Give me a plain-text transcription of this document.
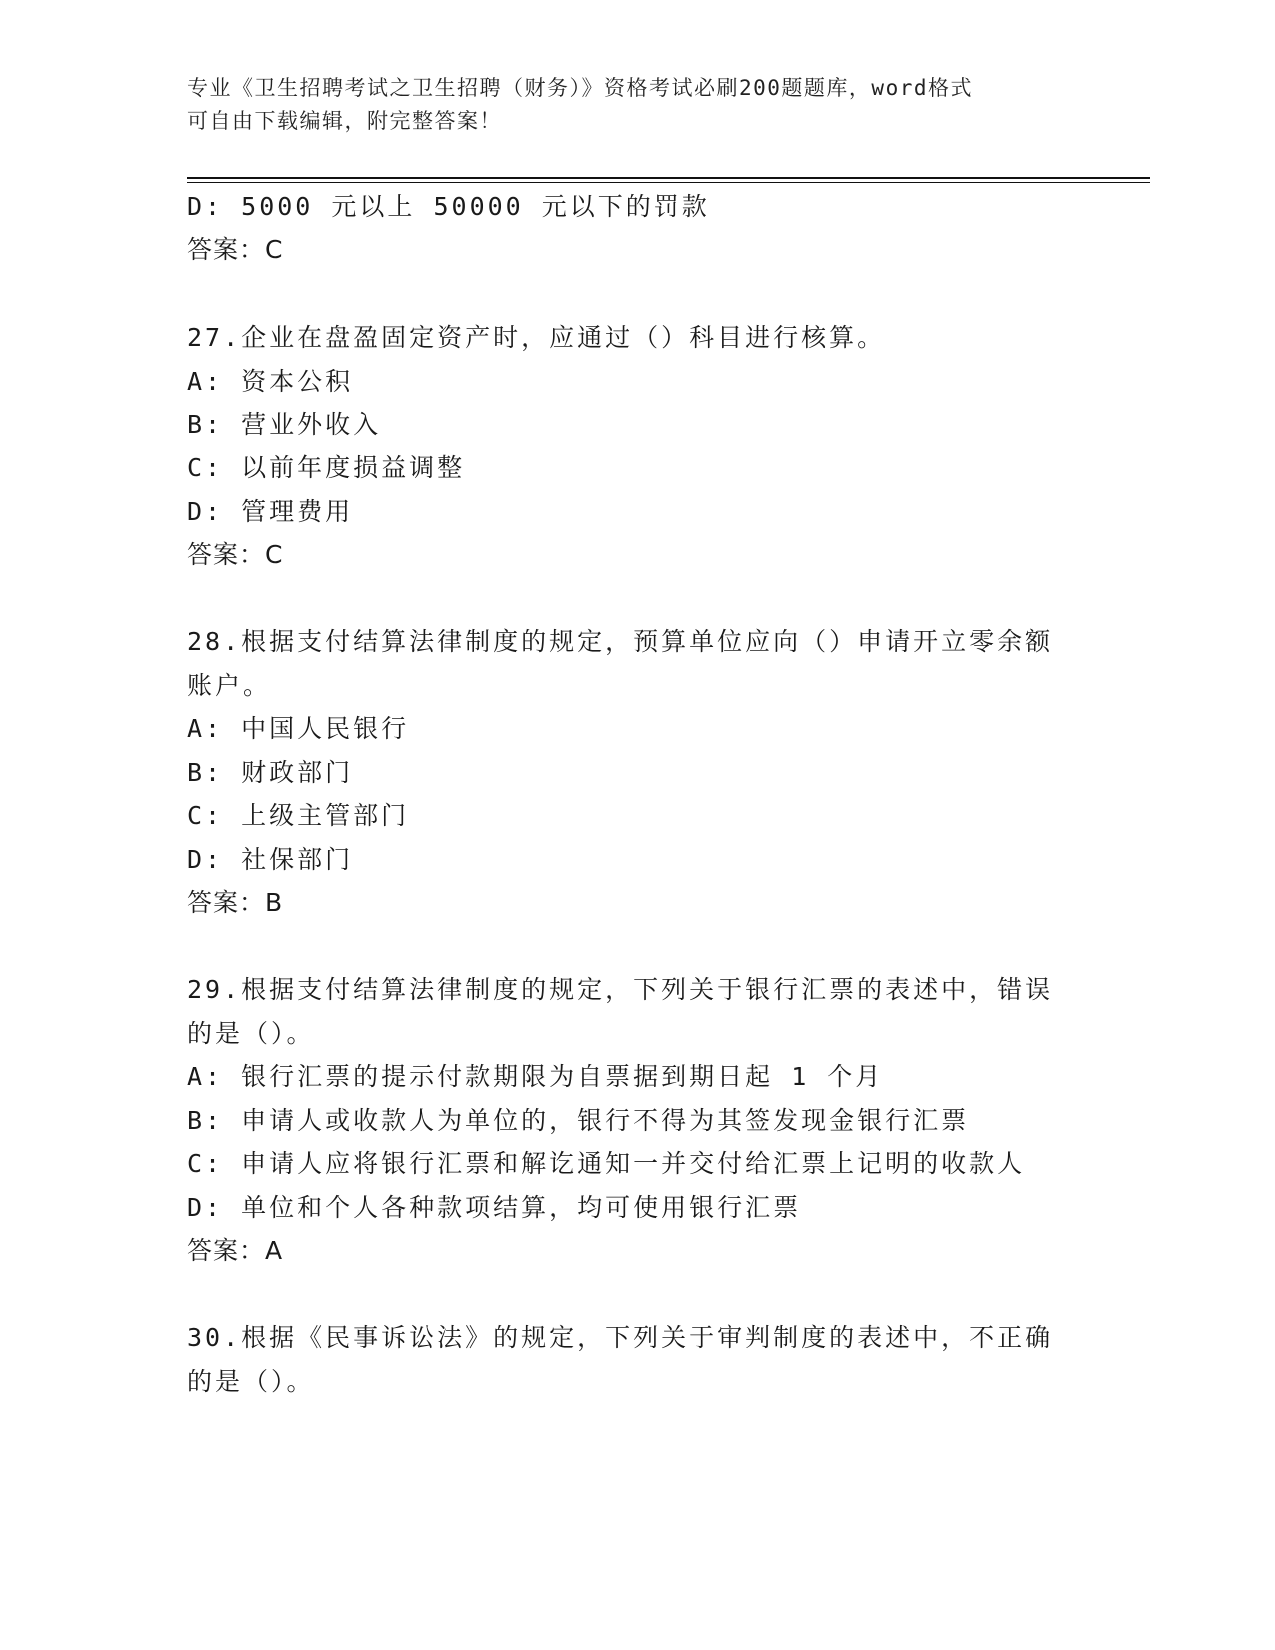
专业《卫生招聘考试之卫生招聘（财务）》资格考试必刷200题题库，word格式
可自由下载编辑，附完整答案！
D: 5000 元以上 50000 元以下的罚款
答案：C
27.企业在盘盈固定资产时，应通过（）科目进行核算。
A: 资本公积
B: 营业外收入
C: 以前年度损益调整
D: 管理费用
答案：C
28.根据支付结算法律制度的规定，预算单位应向（）申请开立零余额
账户。
A: 中国人民银行
B: 财政部门
C: 上级主管部门
D: 社保部门
答案：B
29.根据支付结算法律制度的规定，下列关于银行汇票的表述中，错误
的是（）。
A: 银行汇票的提示付款期限为自票据到期日起 1 个月
B: 申请人或收款人为单位的，银行不得为其签发现金银行汇票
C: 申请人应将银行汇票和解讫通知一并交付给汇票上记明的收款人
D: 单位和个人各种款项结算，均可使用银行汇票
答案：A
30.根据《民事诉讼法》的规定，下列关于审判制度的表述中，不正确
的是（）。
